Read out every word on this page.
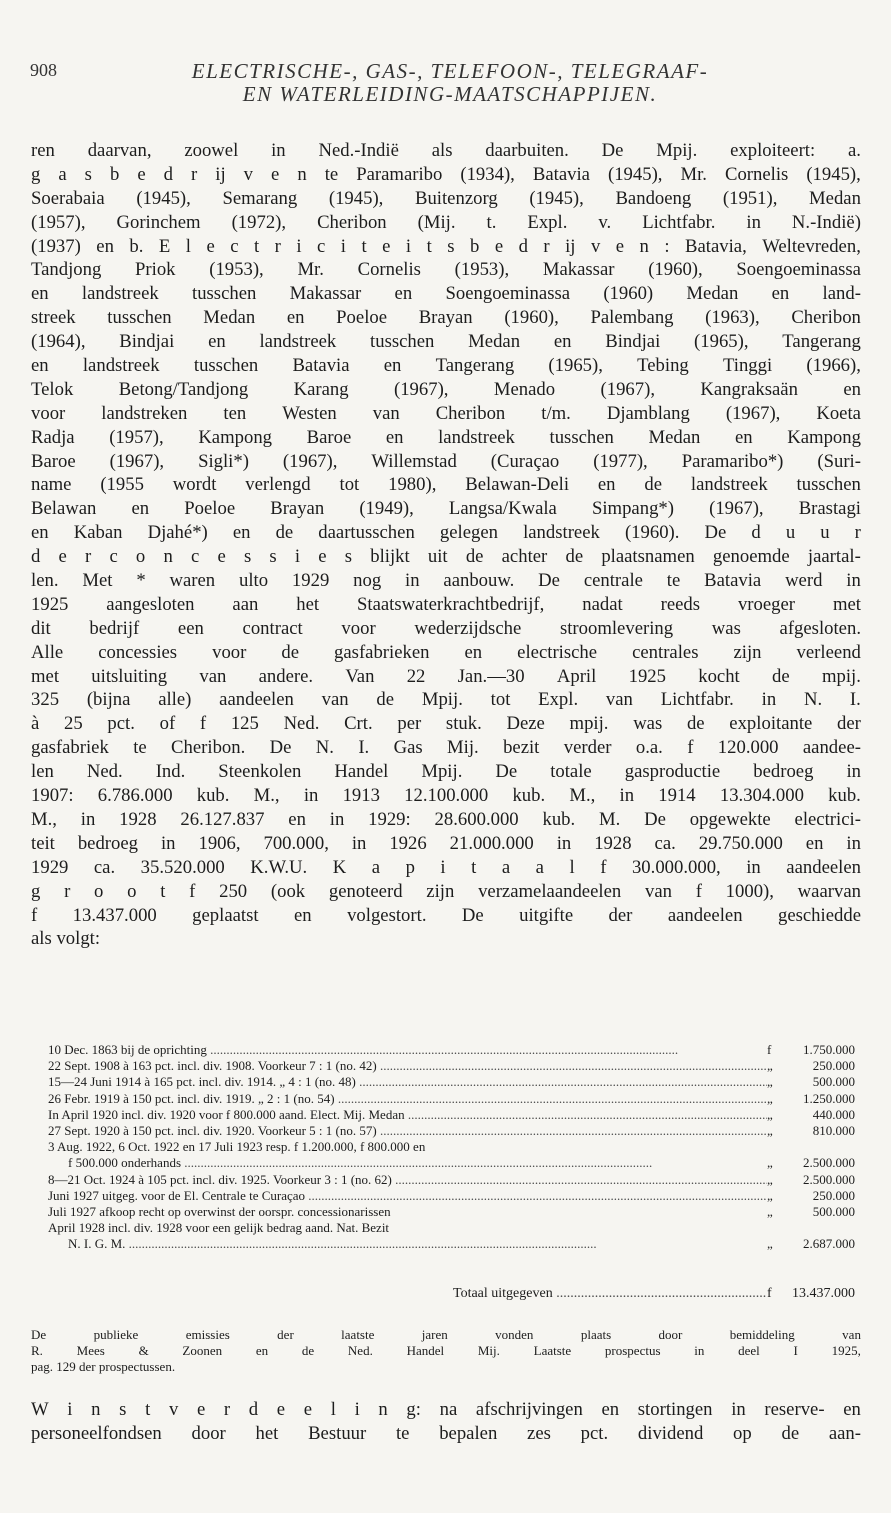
908	ELECTRISCHE-, GAS-, TELEFOON-, TELEGRAAF-
EN WATERLEIDING-MAATSCHAPPIJEN.
ren daarvan, zoowel in Ned.-Indië als daarbuiten. De Mpij. exploiteert: a.
g a s b e d r ij v e n te Paramaribo (1934), Batavia (1945), Mr. Cornelis (1945),
Soerabaia (1945), Semarang (1945), Buitenzorg (1945), Bandoeng (1951), Medan
(1957), Gorinchem (1972), Cheribon (Mij. t. Expl. v. Lichtfabr. in N.-Indië)
(1937) en b. E l e c t r i c i t e i t s b e d r ij v e n : Batavia, Weltevreden,
Tandjong Priok (1953), Mr. Cornelis (1953), Makassar (1960), Soengoeminassa
en landstreek tusschen Makassar en Soengoeminassa (1960) Medan en land-
streek tusschen Medan en Poeloe Brayan (1960), Palembang (1963), Cheribon
(1964), Bindjai en landstreek tusschen Medan en Bindjai (1965), Tangerang
en landstreek tusschen Batavia en Tangerang (1965), Tebing Tinggi (1966),
Telok Betong/Tandjong Karang (1967), Menado (1967), Kangraksaän en
voor landstreken ten Westen van Cheribon t/m. Djamblang (1967), Koeta
Radja (1957), Kampong Baroe en landstreek tusschen Medan en Kampong
Baroe (1967), Sigli*) (1967), Willemstad (Curaçao (1977), Paramaribo*) (Suri-
name (1955 wordt verlengd tot 1980), Belawan-Deli en de landstreek tusschen
Belawan en Poeloe Brayan (1949), Langsa/Kwala Simpang*) (1967), Brastagi
en Kaban Djahé*) en de daartusschen gelegen landstreek (1960). De d u u r
d e r c o n c e s s i e s blijkt uit de achter de plaatsnamen genoemde jaartal-
len. Met * waren ulto 1929 nog in aanbouw. De centrale te Batavia werd in
1925 aangesloten aan het Staatswaterkrachtbedrijf, nadat reeds vroeger met
dit bedrijf een contract voor wederzijdsche stroomlevering was afgesloten.
Alle concessies voor de gasfabrieken en electrische centrales zijn verleend
met uitsluiting van andere. Van 22 Jan.—30 April 1925 kocht de mpij.
325 (bijna alle) aandeelen van de Mpij. tot Expl. van Lichtfabr. in N. I.
à 25 pct. of f 125 Ned. Crt. per stuk. Deze mpij. was de exploitante der
gasfabriek te Cheribon. De N. I. Gas Mij. bezit verder o.a. f 120.000 aandee-
len Ned. Ind. Steenkolen Handel Mpij. De totale gasproductie bedroeg in
1907: 6.786.000 kub. M., in 1913 12.100.000 kub. M., in 1914 13.304.000 kub.
M., in 1928 26.127.837 en in 1929: 28.600.000 kub. M. De opgewekte electrici-
teit bedroeg in 1906, 700.000, in 1926 21.000.000 in 1928 ca. 29.750.000 en in
1929 ca. 35.520.000 K.W.U. K a p i t a a l f 30.000.000, in aandeelen
g r o o t f 250 (ook genoteerd zijn verzamelaandeelen van f 1000), waarvan
f 13.437.000 geplaatst en volgestort. De uitgifte der aandeelen geschiedde
als volgt:
10 Dec. 1863 bij de oprichting .....	f	1.750.000
22 Sept. 1908 à 163 pct. incl. div. 1908. Voorkeur 7 : 1 (no. 42) .....	„	250.000
15—24 Juni 1914 à 165 pct. incl. div. 1914. „ 4 : 1 (no. 48) .....	„	500.000
26 Febr. 1919 à 150 pct. incl. div. 1919. „ 2 : 1 (no. 54) .....	„	1.250.000
In April 1920 incl. div. 1920 voor f 800.000 aand. Elect. Mij. Medan .....	„	440.000
27 Sept. 1920 à 150 pct. incl. div. 1920. Voorkeur 5 : 1 (no. 57) .....	„	810.000
3 Aug. 1922, 6 Oct. 1922 en 17 Juli 1923 resp. f 1.200.000, f 800.000 en
f 500.000 onderhands .....	„	2.500.000
8—21 Oct. 1924 à 105 pct. incl. div. 1925. Voorkeur 3 : 1 (no. 62) .....	„	2.500.000
Juni 1927 uitgeg. voor de El. Centrale te Curaçao .....	„	250.000
Juli 1927 afkoop recht op overwinst der oorspr. concessionarissen	„	500.000
April 1928 incl. div. 1928 voor een gelijk bedrag aand. Nat. Bezit
N. I. G. M. .....	„	2.687.000
Totaal uitgegeven .....	f	13.437.000
De	publieke	emissies	der	laatste	jaren	vonden	plaats	door	bemiddeling	van
R.	Mees	&	Zoonen	en	de	Ned.	Handel	Mij.	Laatste	prospectus	in	deel	I	1925,
pag. 129 der prospectussen.
W i n s t v e r d e e l i n g: na afschrijvingen en stortingen in reserve- en
personeelfondsen door het Bestuur te bepalen zes pct. dividend op de aan-
